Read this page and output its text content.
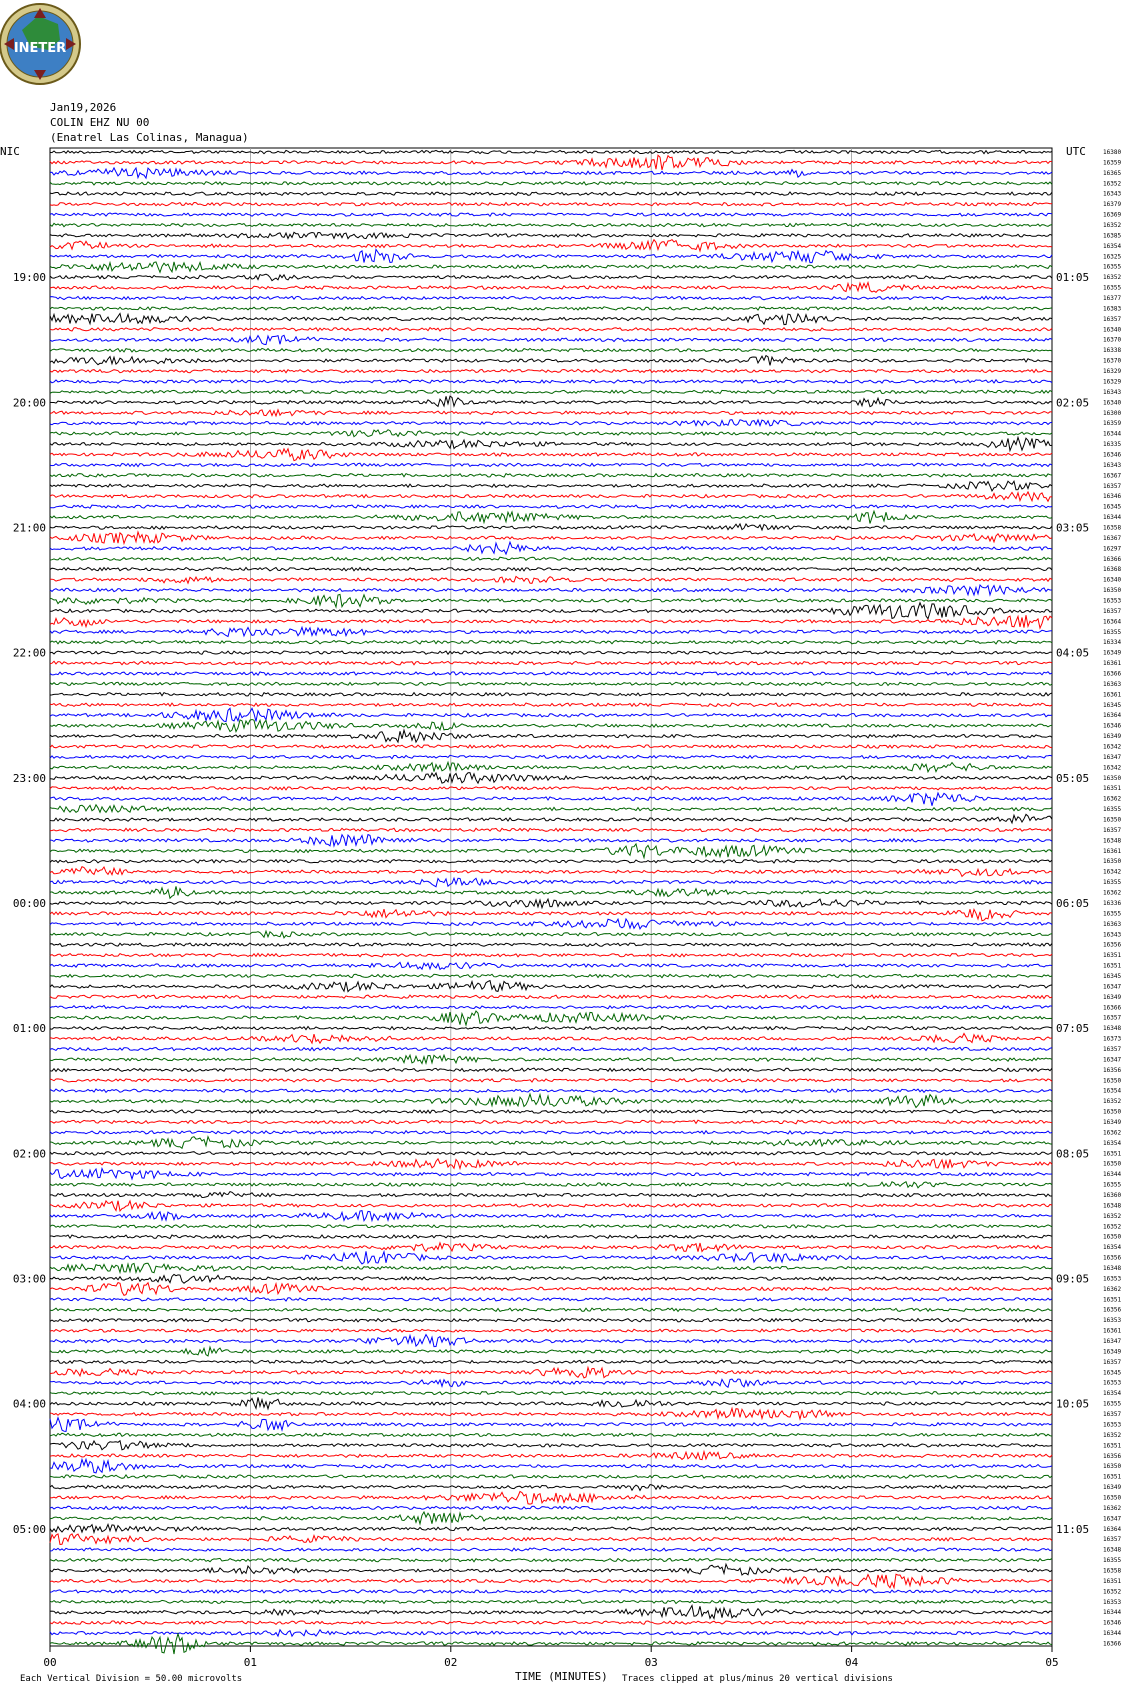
INETER
Jan19,2026
COLIN EHZ NU 00
(Enatrel Las Colinas, Managua)
NIC	UTC
19:00
20:00
21:00
22:00
23:00
00:00
01:00
02:00
03:00
04:00
05:00
01:05
02:05
03:05
04:05
05:05
06:05
07:05
08:05
09:05
10:05
11:05
16380
16359
16365
16352
16343
16379
16369
16352
16385
16354
16325
16355
16352
16355
16377
16383
16357
16340
16370
16338
16370
16329
16329
16343
16340
16300
16359
16344
16335
16346
16343
16367
16357
16346
16345
16344
16358
16367
16297
16366
16368
16340
16350
16353
16357
16364
16355
16334
16349
16361
16366
16363
16361
16345
16364
16346
16349
16342
16347
16342
16350
16351
16362
16355
16350
16357
16348
16361
16350
16342
16355
16362
16336
16355
16363
16343
16356
16351
16351
16345
16347
16349
16366
16357
16348
16373
16357
16347
16356
16350
16354
16352
16350
16349
16362
16354
16351
16350
16344
16355
16360
16348
16352
16352
16350
16354
16356
16348
16353
16362
16351
16356
16353
16361
16347
16349
16357
16345
16353
16354
16355
16357
16353
16352
16351
16356
16350
16351
16349
16350
16362
16347
16364
16357
16348
16355
16358
16351
16352
16353
16344
16346
16344
16366
00	01	02	03	04	05
TIME (MINUTES)
Each Vertical Division = 50.00 microvolts	Traces clipped at plus/minus 20 vertical divisions
